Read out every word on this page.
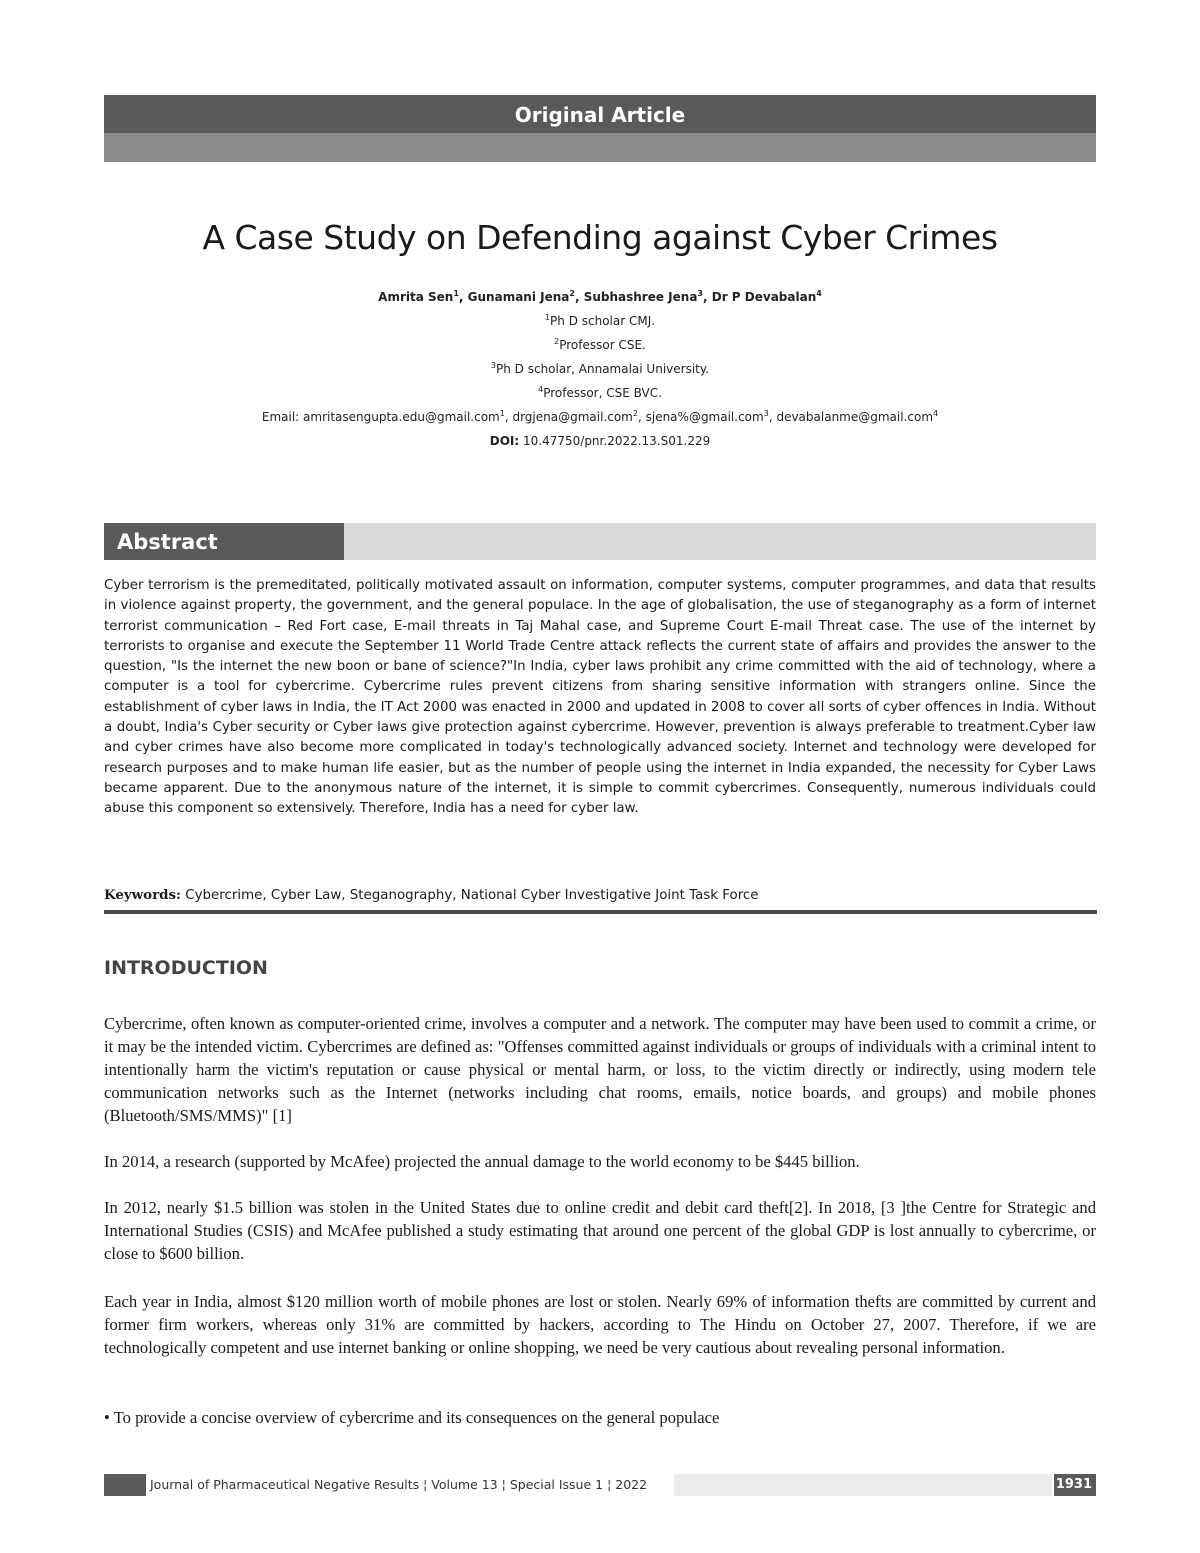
Original Article
A Case Study on Defending against Cyber Crimes
Amrita Sen$^1$, Gunamani Jena$^2$, Subhashree Jena$^3$, Dr P Devabalan$^4$
$^1$Ph D scholar CMJ.
$^2$Professor CSE.
$^3$Ph D scholar, Annamalai University.
$^4$Professor, CSE BVC.
Email: amritasengupta.edu@gmail.com$^1$, drgjena@gmail.com$^2$, sjena%@gmail.com$^3$, devabalanme@gmail.com$^4$
DOI: 10.47750/pnr.2022.13.S01.229
Abstract
Cyber terrorism is the premeditated, politically motivated assault on information, computer systems, computer programmes, and data that results in violence against property, the government, and the general populace. In the age of globalisation, the use of steganography as a form of internet terrorist communication – Red Fort case, E-mail threats in Taj Mahal case, and Supreme Court E-mail Threat case. The use of the internet by terrorists to organise and execute the September 11 World Trade Centre attack reflects the current state of affairs and provides the answer to the question, "Is the internet the new boon or bane of science?"In India, cyber laws prohibit any crime committed with the aid of technology, where a computer is a tool for cybercrime. Cybercrime rules prevent citizens from sharing sensitive information with strangers online. Since the establishment of cyber laws in India, the IT Act 2000 was enacted in 2000 and updated in 2008 to cover all sorts of cyber offences in India. Without a doubt, India's Cyber security or Cyber laws give protection against cybercrime. However, prevention is always preferable to treatment.Cyber law and cyber crimes have also become more complicated in today's technologically advanced society. Internet and technology were developed for research purposes and to make human life easier, but as the number of people using the internet in India expanded, the necessity for Cyber Laws became apparent. Due to the anonymous nature of the internet, it is simple to commit cybercrimes. Consequently, numerous individuals could abuse this component so extensively. Therefore, India has a need for cyber law.
Keywords: Cybercrime, Cyber Law, Steganography, National Cyber Investigative Joint Task Force
INTRODUCTION
Cybercrime, often known as computer-oriented crime, involves a computer and a network. The computer may have been used to commit a crime, or it may be the intended victim. Cybercrimes are defined as: "Offenses committed against individuals or groups of individuals with a criminal intent to intentionally harm the victim's reputation or cause physical or mental harm, or loss, to the victim directly or indirectly, using modern tele communication networks such as the Internet (networks including chat rooms, emails, notice boards, and groups) and mobile phones (Bluetooth/SMS/MMS)" [1]
In 2014, a research (supported by McAfee) projected the annual damage to the world economy to be $445 billion.
In 2012, nearly $1.5 billion was stolen in the United States due to online credit and debit card theft[2]. In 2018, [3 ]the Centre for Strategic and International Studies (CSIS) and McAfee published a study estimating that around one percent of the global GDP is lost annually to cybercrime, or close to $600 billion.
Each year in India, almost $120 million worth of mobile phones are lost or stolen. Nearly 69% of information thefts are committed by current and former firm workers, whereas only 31% are committed by hackers, according to The Hindu on October 27, 2007. Therefore, if we are technologically competent and use internet banking or online shopping, we need be very cautious about revealing personal information.
• To provide a concise overview of cybercrime and its consequences on the general populace
Journal of Pharmaceutical Negative Results ¦ Volume 13 ¦ Special Issue 1 ¦ 2022	1931
